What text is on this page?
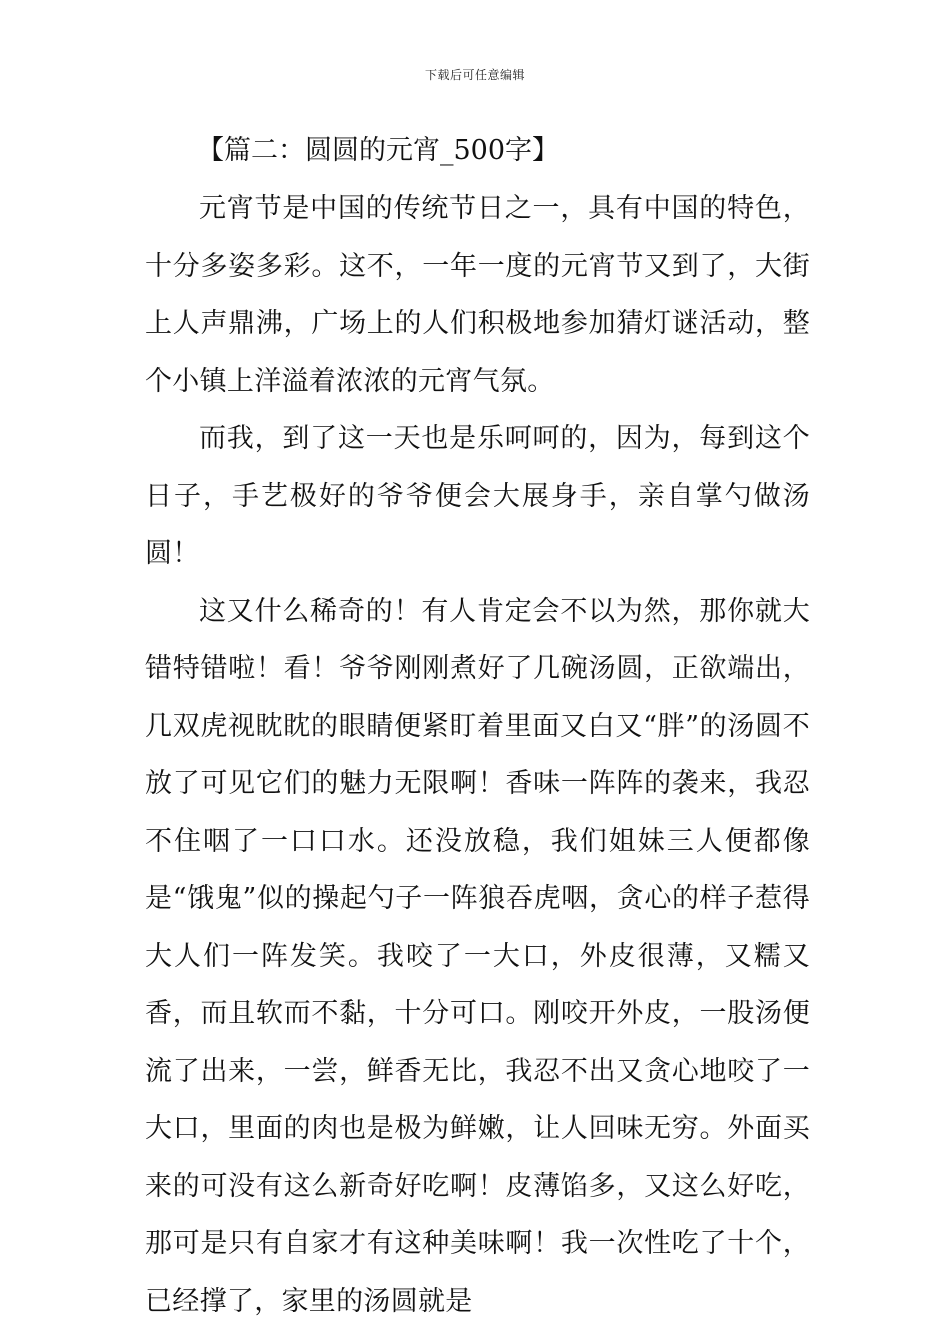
下载后可任意编辑

【篇二：圆圆的元宵_500字】

元宵节是中国的传统节日之一，具有中国的特色，十分多姿多彩。这不，一年一度的元宵节又到了，大街上人声鼎沸，广场上的人们积极地参加猜灯谜活动，整个小镇上洋溢着浓浓的元宵气氛。

而我，到了这一天也是乐呵呵的，因为，每到这个日子，手艺极好的爷爷便会大展身手，亲自掌勺做汤圆！

这又什么稀奇的！有人肯定会不以为然，那你就大错特错啦！看！爷爷刚刚煮好了几碗汤圆，正欲端出，几双虎视眈眈的眼睛便紧盯着里面又白又“胖”的汤圆不放了可见它们的魅力无限啊！香味一阵阵的袭来，我忍不住咽了一口口水。还没放稳，我们姐妹三人便都像是“饿鬼”似的操起勺子一阵狼吞虎咽，贪心的样子惹得大人们一阵发笑。我咬了一大口，外皮很薄，又糯又香，而且软而不黏，十分可口。刚咬开外皮，一股汤便流了出来，一尝，鲜香无比，我忍不出又贪心地咬了一大口，里面的肉也是极为鲜嫩，让人回味无穷。外面买来的可没有这么新奇好吃啊！皮薄馅多，又这么好吃，那可是只有自家才有这种美味啊！我一次性吃了十个，已经撑了，家里的汤圆就是
